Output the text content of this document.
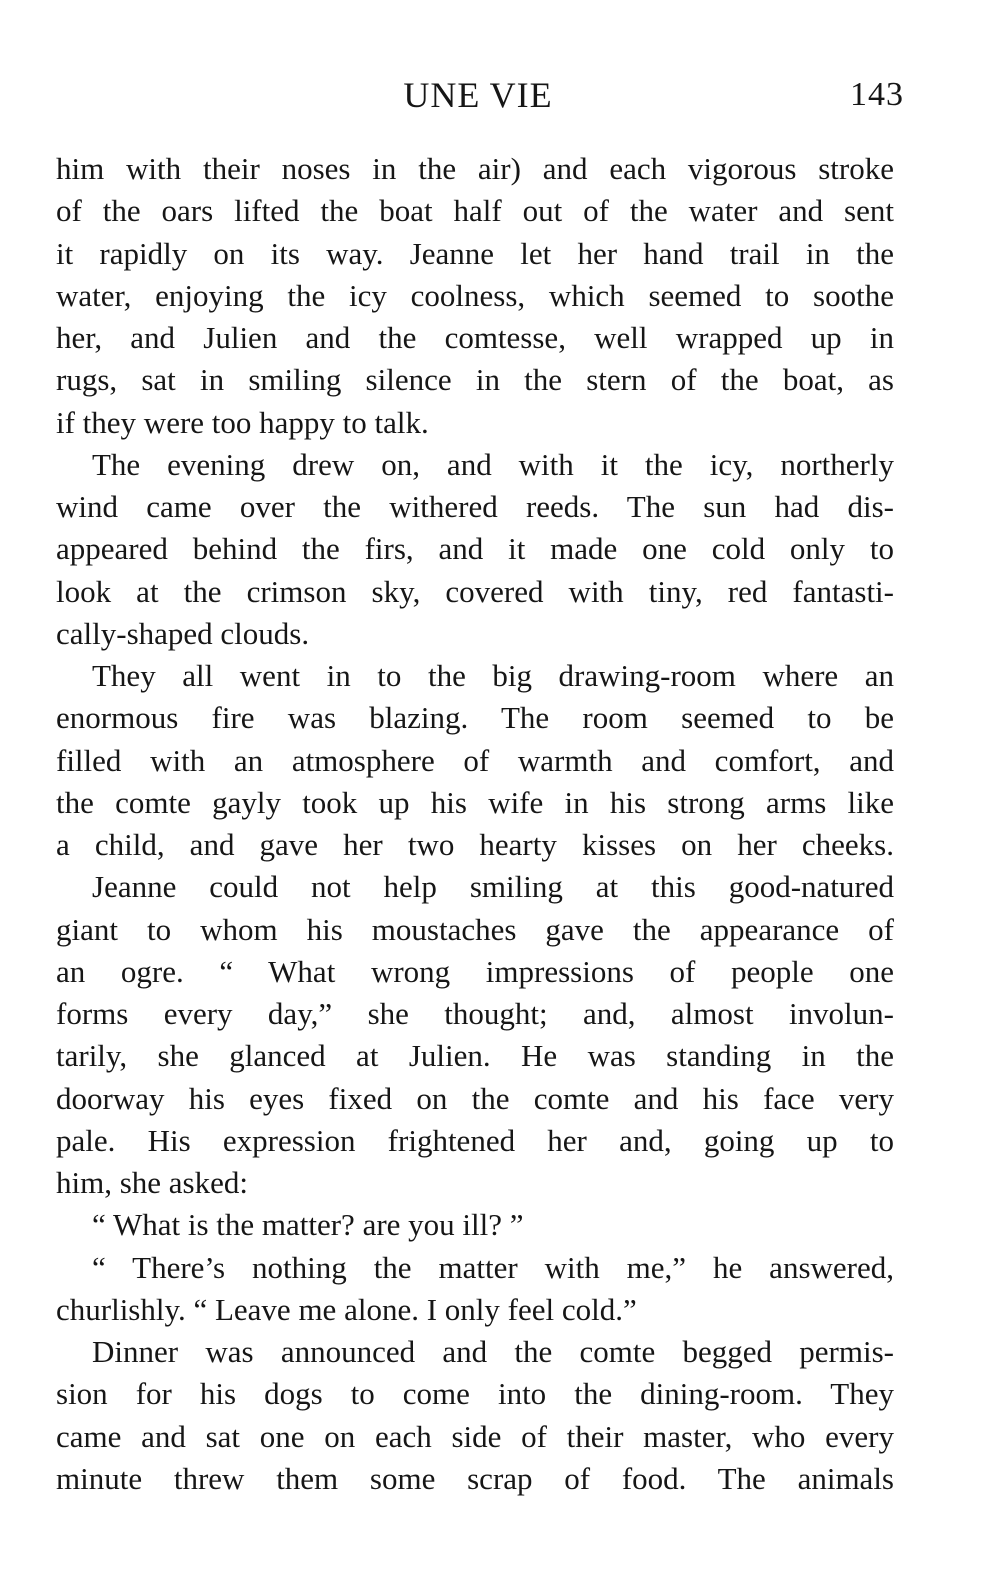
UNE VIE	143
him with their noses in the air) and each vigorous stroke
of the oars lifted the boat half out of the water and sent
it rapidly on its way. Jeanne let her hand trail in the
water, enjoying the icy coolness, which seemed to soothe
her, and Julien and the comtesse, well wrapped up in
rugs, sat in smiling silence in the stern of the boat, as
if they were too happy to talk.
The evening drew on, and with it the icy, northerly
wind came over the withered reeds. The sun had dis-
appeared behind the firs, and it made one cold only to
look at the crimson sky, covered with tiny, red fantasti-
cally-shaped clouds.
They all went in to the big drawing-room where an
enormous fire was blazing. The room seemed to be
filled with an atmosphere of warmth and comfort, and
the comte gayly took up his wife in his strong arms like
a child, and gave her two hearty kisses on her cheeks.
Jeanne could not help smiling at this good-natured
giant to whom his moustaches gave the appearance of
an ogre. “ What wrong impressions of people one
forms every day,” she thought; and, almost involun-
tarily, she glanced at Julien. He was standing in the
doorway his eyes fixed on the comte and his face very
pale. His expression frightened her and, going up to
him, she asked:
“ What is the matter? are you ill? ”
“ There’s nothing the matter with me,” he answered,
churlishly. “ Leave me alone. I only feel cold.”
Dinner was announced and the comte begged permis-
sion for his dogs to come into the dining-room. They
came and sat one on each side of their master, who every
minute threw them some scrap of food. The animals
